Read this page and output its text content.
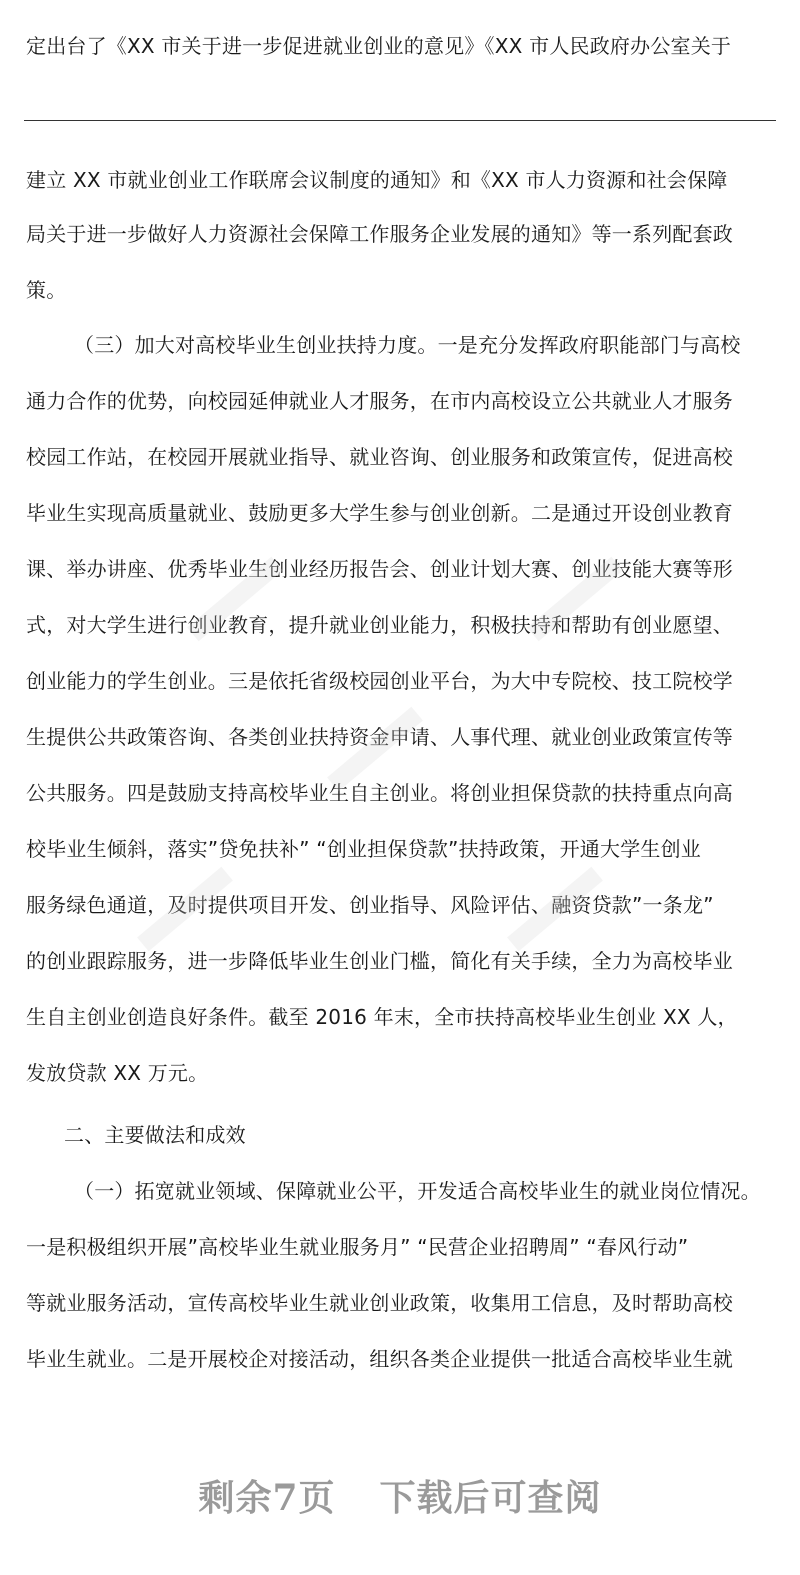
定出台了《XX 市关于进一步促进就业创业的意见》《XX 市人民政府办公室关于
建立 XX 市就业创业工作联席会议制度的通知》和《XX 市人力资源和社会保障
局关于进一步做好人力资源社会保障工作服务企业发展的通知》等一系列配套政
策。
（三）加大对高校毕业生创业扶持力度。一是充分发挥政府职能部门与高校
通力合作的优势，向校园延伸就业人才服务，在市内高校设立公共就业人才服务
校园工作站，在校园开展就业指导、就业咨询、创业服务和政策宣传，促进高校
毕业生实现高质量就业、鼓励更多大学生参与创业创新。二是通过开设创业教育
课、举办讲座、优秀毕业生创业经历报告会、创业计划大赛、创业技能大赛等形
式，对大学生进行创业教育，提升就业创业能力，积极扶持和帮助有创业愿望、
创业能力的学生创业。三是依托省级校园创业平台，为大中专院校、技工院校学
生提供公共政策咨询、各类创业扶持资金申请、人事代理、就业创业政策宣传等
公共服务。四是鼓励支持高校毕业生自主创业。将创业担保贷款的扶持重点向高
校毕业生倾斜，落实”贷免扶补” “创业担保贷款”扶持政策，开通大学生创业
服务绿色通道，及时提供项目开发、创业指导、风险评估、融资贷款”一条龙”
的创业跟踪服务，进一步降低毕业生创业门槛，简化有关手续，全力为高校毕业
生自主创业创造良好条件。截至 2016 年末，全市扶持高校毕业生创业 XX 人，
发放贷款 XX 万元。
二、主要做法和成效
（一）拓宽就业领域、保障就业公平，开发适合高校毕业生的就业岗位情况。
一是积极组织开展”高校毕业生就业服务月” “民营企业招聘周” “春风行动”
等就业服务活动，宣传高校毕业生就业创业政策，收集用工信息，及时帮助高校
毕业生就业。二是开展校企对接活动，组织各类企业提供一批适合高校毕业生就
剩余7页 下载后可查阅
